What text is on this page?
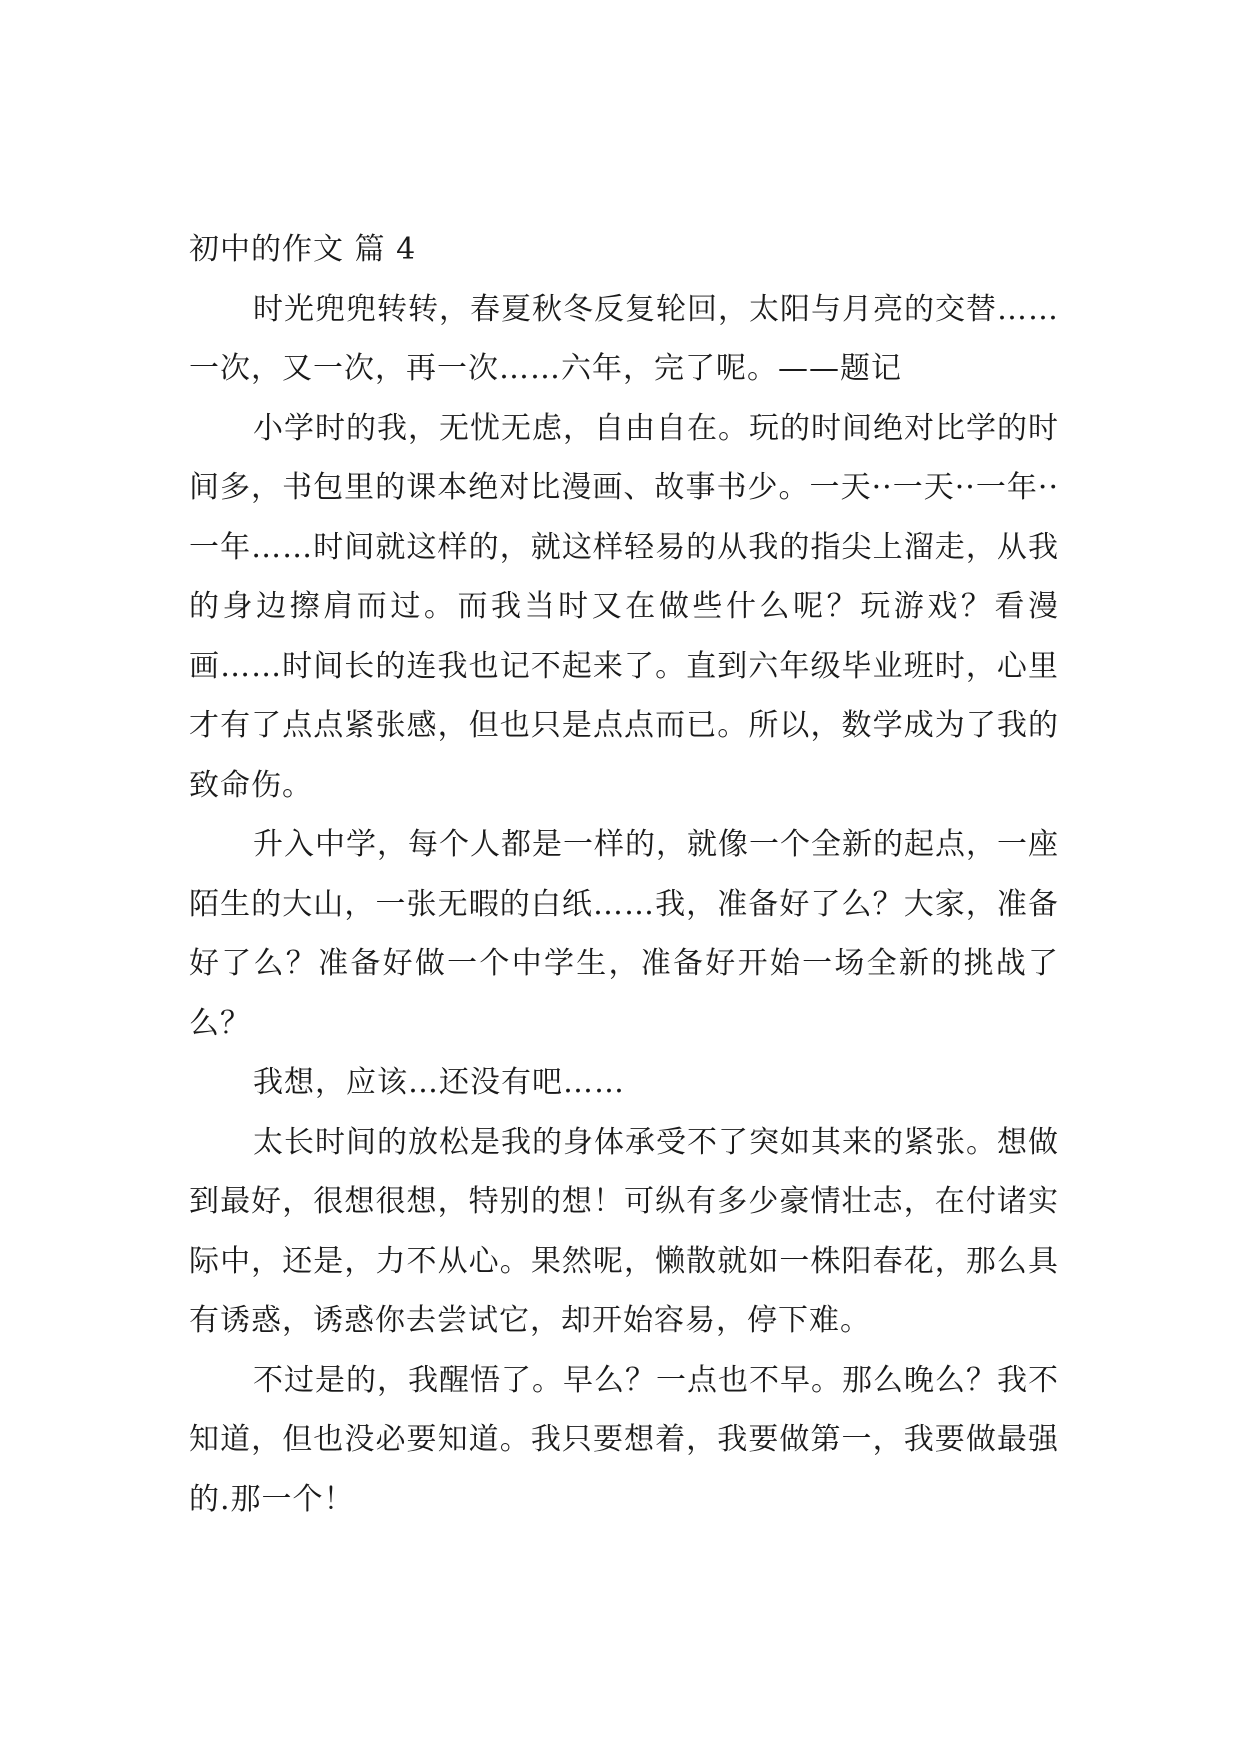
初中的作文 篇 4

时光兜兜转转，春夏秋冬反复轮回，太阳与月亮的交替……一次，又一次，再一次……六年，完了呢。——题记

小学时的我，无忧无虑，自由自在。玩的时间绝对比学的时间多，书包里的课本绝对比漫画、故事书少。一天··一天··一年··一年……时间就这样的，就这样轻易的从我的指尖上溜走，从我的身边擦肩而过。而我当时又在做些什么呢？玩游戏？看漫画……时间长的连我也记不起来了。直到六年级毕业班时，心里才有了点点紧张感，但也只是点点而已。所以，数学成为了我的致命伤。

升入中学，每个人都是一样的，就像一个全新的起点，一座陌生的大山，一张无暇的白纸……我，准备好了么？大家，准备好了么？准备好做一个中学生，准备好开始一场全新的挑战了么？

我想，应该…还没有吧……

太长时间的放松是我的身体承受不了突如其来的紧张。想做到最好，很想很想，特别的想！可纵有多少豪情壮志，在付诸实际中，还是，力不从心。果然呢，懒散就如一株阳春花，那么具有诱惑，诱惑你去尝试它，却开始容易，停下难。

不过是的，我醒悟了。早么？一点也不早。那么晚么？我不知道，但也没必要知道。我只要想着，我要做第一，我要做最强的.那一个！
